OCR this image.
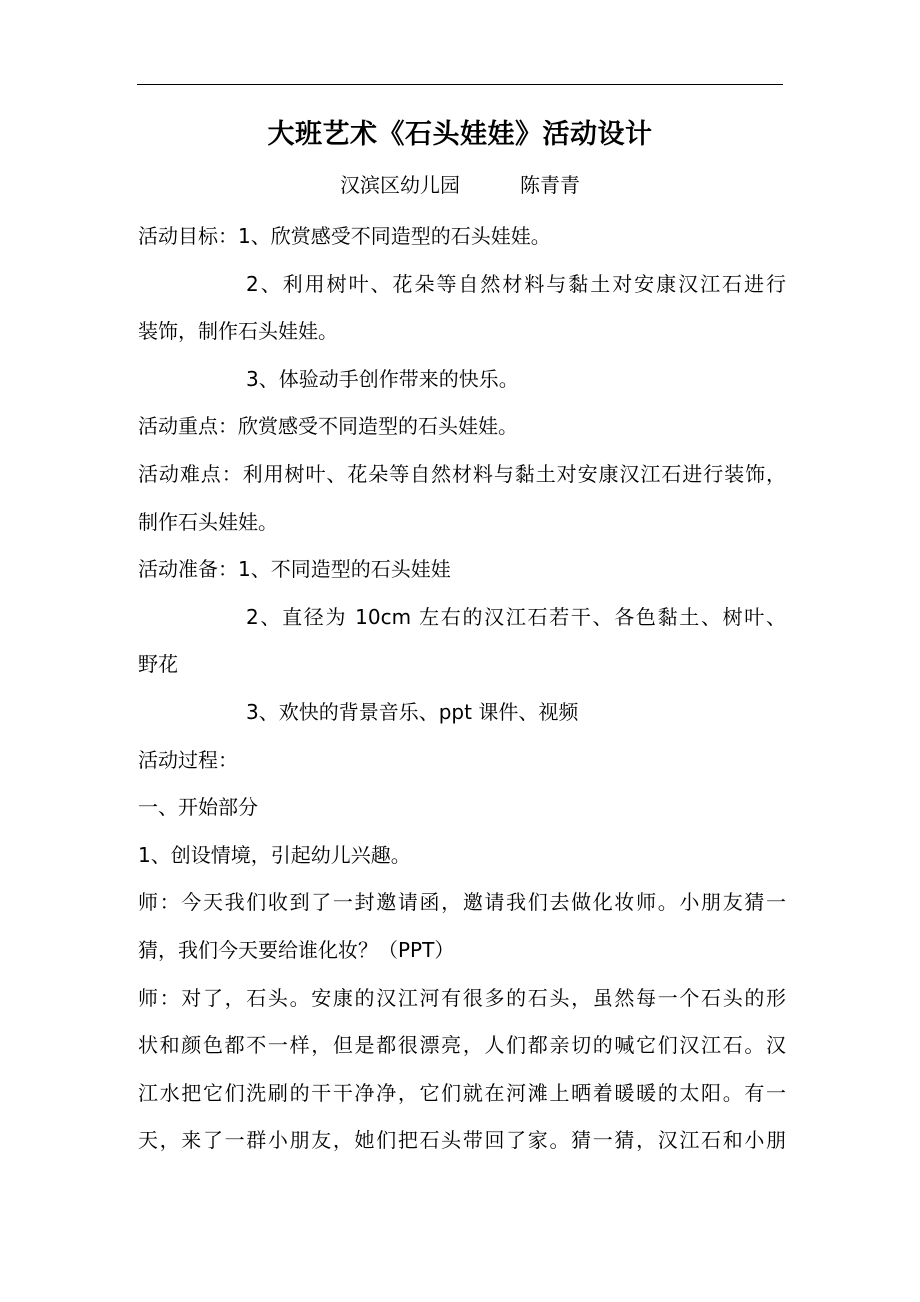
大班艺术《石头娃娃》活动设计
汉滨区幼儿园	陈青青
活动目标：1、欣赏感受不同造型的石头娃娃。
2、利用树叶、花朵等自然材料与黏土对安康汉江石进行
装饰，制作石头娃娃。
3、体验动手创作带来的快乐。
活动重点：欣赏感受不同造型的石头娃娃。
活动难点：利用树叶、花朵等自然材料与黏土对安康汉江石进行装饰，
制作石头娃娃。
活动准备：1、不同造型的石头娃娃
2、直径为 10cm 左右的汉江石若干、各色黏土、树叶、
野花
3、欢快的背景音乐、ppt 课件、视频
活动过程：
一、开始部分
1、创设情境，引起幼儿兴趣。
师：今天我们收到了一封邀请函，邀请我们去做化妆师。小朋友猜一
猜，我们今天要给谁化妆？（PPT）
师：对了，石头。安康的汉江河有很多的石头，虽然每一个石头的形
状和颜色都不一样，但是都很漂亮，人们都亲切的喊它们汉江石。汉
江水把它们洗刷的干干净净，它们就在河滩上晒着暖暖的太阳。有一
天，来了一群小朋友，她们把石头带回了家。猜一猜，汉江石和小朋
